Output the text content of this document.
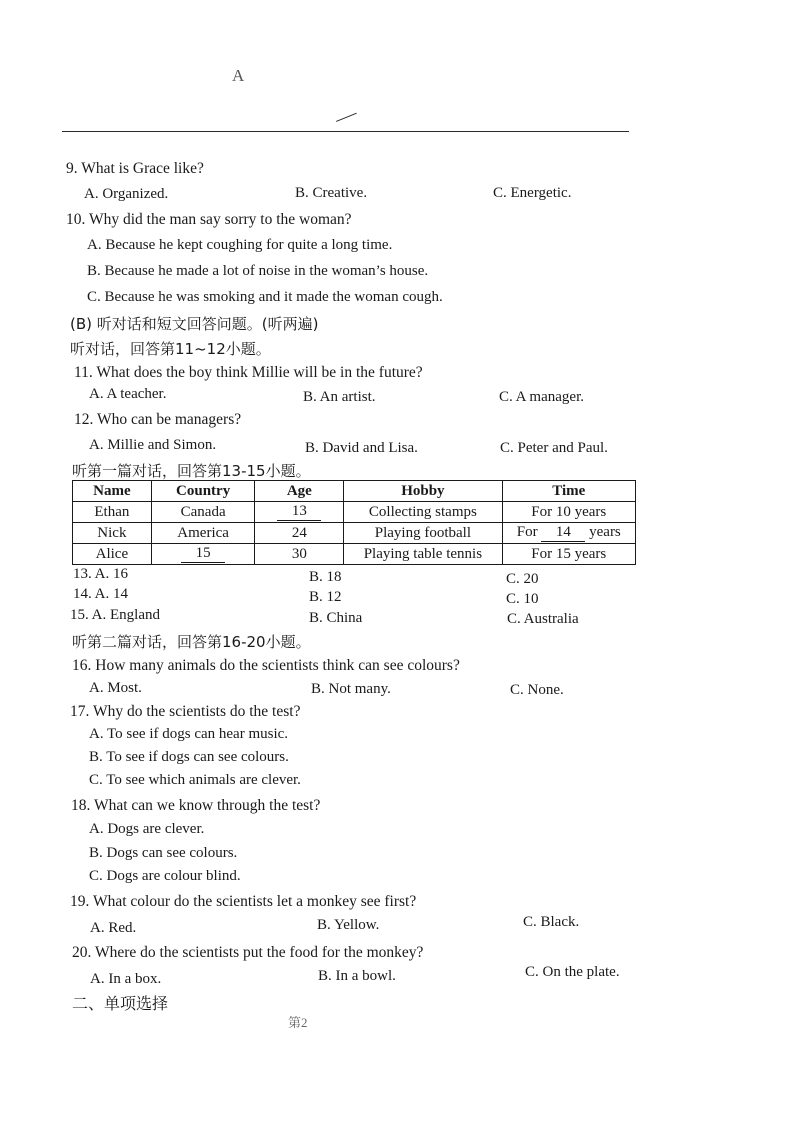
A
9. What is Grace like?
A. Organized.	B. Creative.	C. Energetic.
10. Why did the man say sorry to the woman?
A. Because he kept coughing for quite a long time.
B. Because he made a lot of noise in the woman’s house.
C. Because he was smoking and it made the woman cough.
(B) 听对话和短文回答问题。(听两遍)
听对话，回答第11~12小题。
11. What does the boy think Millie will be in the future?
A. A teacher.	B. An artist.	C. A manager.
12. Who can be managers?
A. Millie and Simon.	B. David and Lisa.	C. Peter and Paul.
听第一篇对话，回答第13-15小题。
Name	Country	Age	Hobby	Time
Ethan	Canada	13	Collecting stamps	For 10 years
Nick	America	24	Playing football	For 14 years
Alice	15	30	Playing table tennis	For 15 years
13. A. 16	B. 18	C. 20
14. A. 14	B. 12	C. 10
15. A. England	B. China	C. Australia
听第二篇对话，回答第16-20小题。
16. How many animals do the scientists think can see colours?
A. Most.	B. Not many.	C. None.
17. Why do the scientists do the test?
A. To see if dogs can hear music.
B. To see if dogs can see colours.
C. To see which animals are clever.
18. What can we know through the test?
A. Dogs are clever.
B. Dogs can see colours.
C. Dogs are colour blind.
19. What colour do the scientists let a monkey see first?
A. Red.	B. Yellow.	C. Black.
20. Where do the scientists put the food for the monkey?
A. In a box.	B. In a bowl.	C. On the plate.
二、单项选择
第2
